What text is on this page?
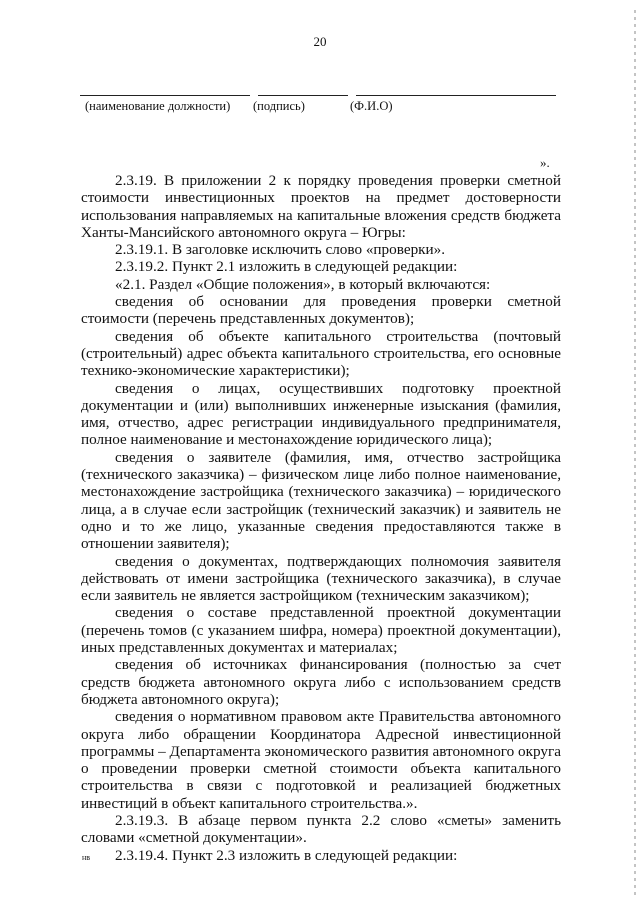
20
(наименование должности) (подпись)	(Ф.И.О)
».

2.3.19. В приложении 2 к порядку проведения проверки сметной стоимости инвестиционных проектов на предмет достоверности использования направляемых на капитальные вложения средств бюджета Ханты-Мансийского автономного округа – Югры:

2.3.19.1. В заголовке исключить слово «проверки».

2.3.19.2. Пункт 2.1 изложить в следующей редакции:

«2.1. Раздел «Общие положения», в который включаются:

сведения об основании для проведения проверки сметной стоимости (перечень представленных документов);

сведения об объекте капитального строительства (почтовый (строительный) адрес объекта капитального строительства, его основные технико-экономические характеристики);

сведения о лицах, осуществивших подготовку проектной документации и (или) выполнивших инженерные изыскания (фамилия, имя, отчество, адрес регистрации индивидуального предпринимателя, полное наименование и местонахождение юридического лица);

сведения о заявителе (фамилия, имя, отчество застройщика (технического заказчика) – физическом лице либо полное наименование, местонахождение застройщика (технического заказчика) – юридического лица, а в случае если застройщик (технический заказчик) и заявитель не одно и то же лицо, указанные сведения предоставляются также в отношении заявителя);

сведения о документах, подтверждающих полномочия заявителя действовать от имени застройщика (технического заказчика), в случае если заявитель не является застройщиком (техническим заказчиком);

сведения о составе представленной проектной документации (перечень томов (с указанием шифра, номера) проектной документации), иных представленных документах и материалах;

сведения об источниках финансирования (полностью за счет средств бюджета автономного округа либо с использованием средств бюджета автономного округа);

сведения о нормативном правовом акте Правительства автономного округа либо обращении Координатора Адресной инвестиционной программы – Департамента экономического развития автономного округа о проведении проверки сметной стоимости объекта капитального строительства в связи с подготовкой и реализацией бюджетных инвестиций в объект капитального строительства.».

2.3.19.3. В абзаце первом пункта 2.2 слово «сметы» заменить словами «сметной документации».

2.3.19.4. Пункт 2.3 изложить в следующей редакции:

нв
